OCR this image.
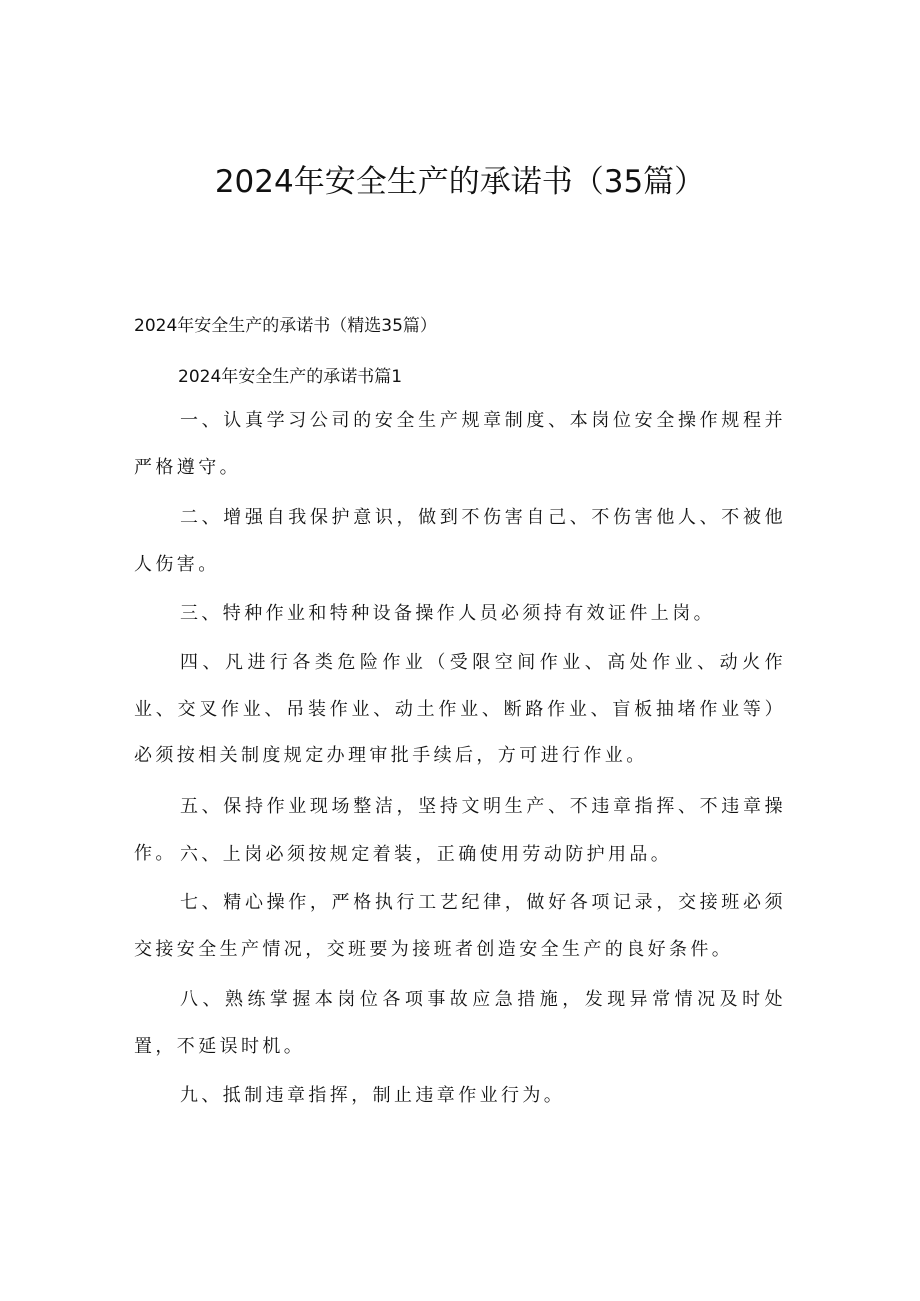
2024年安全生产的承诺书（35篇）
2024年安全生产的承诺书（精选35篇）
2024年安全生产的承诺书篇1

一、认真学习公司的安全生产规章制度、本岗位安全操作规程并严格遵守。

二、增强自我保护意识，做到不伤害自己、不伤害他人、不被他人伤害。

三、特种作业和特种设备操作人员必须持有效证件上岗。

四、凡进行各类危险作业（受限空间作业、高处作业、动火作业、交叉作业、吊装作业、动土作业、断路作业、盲板抽堵作业等）必须按相关制度规定办理审批手续后，方可进行作业。

五、保持作业现场整洁，坚持文明生产、不违章指挥、不违章操作。 六、上岗必须按规定着装，正确使用劳动防护用品。

七、精心操作，严格执行工艺纪律，做好各项记录，交接班必须交接安全生产情况，交班要为接班者创造安全生产的良好条件。

八、熟练掌握本岗位各项事故应急措施，发现异常情况及时处置，不延误时机。

九、抵制违章指挥，制止违章作业行为。
